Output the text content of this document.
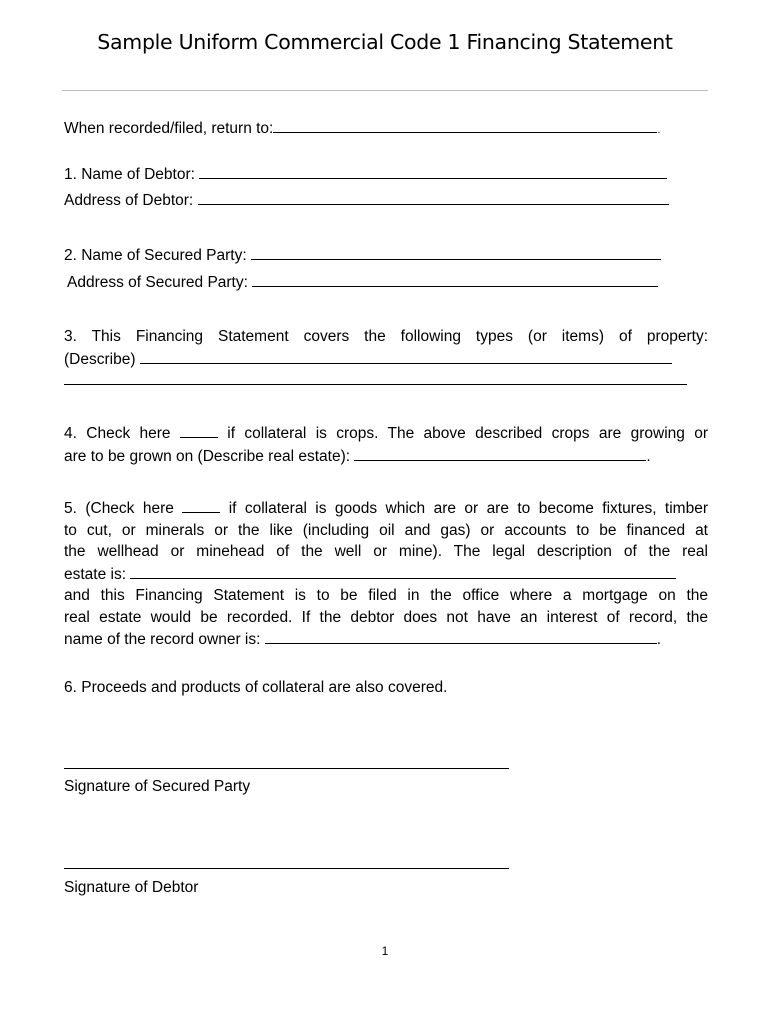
Sample Uniform Commercial Code 1 Financing Statement
When recorded/filed, return to:	.
1. Name of Debtor:
Address of Debtor:
2. Name of Secured Party:
Address of Secured Party:
3. This Financing Statement covers the following types (or items) of property:
(Describe)
4. Check here	if collateral is crops. The above described crops are growing or
are to be grown on (Describe real estate):	.
5. (Check here	if collateral is goods which are or are to become fixtures, timber
to cut, or minerals or the like (including oil and gas) or accounts to be financed at
the wellhead or minehead of the well or mine). The legal description of the real
estate is:
and this Financing Statement is to be filed in the office where a mortgage on the
real estate would be recorded. If the debtor does not have an interest of record, the
name of the record owner is:	.
6. Proceeds and products of collateral are also covered.
Signature of Secured Party
Signature of Debtor
1
